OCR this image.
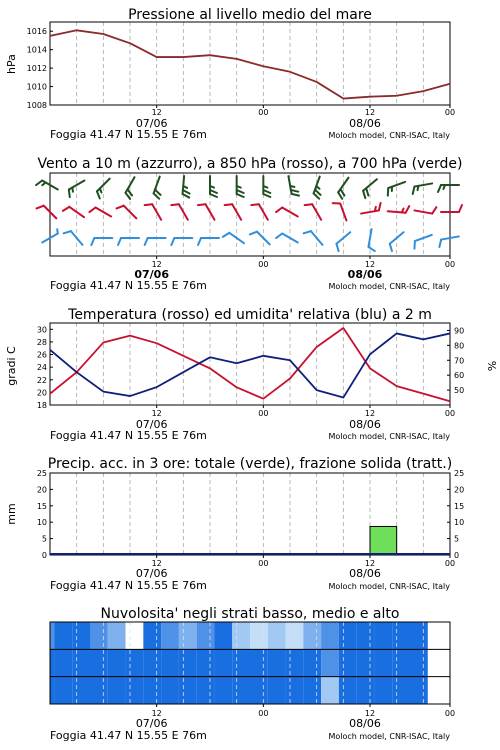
Pressione al livello medio del mare
1008
1010
1012
1014
1016
hPa
12	00	12	00
07/06	08/06
Foggia 41.47 N 15.55 E 76m	Moloch model, CNR-ISAC, Italy
Vento a 10 m (azzurro), a 850 hPa (rosso), a 700 hPa (verde)
12	00	12	00
07/06	08/06
Foggia 41.47 N 15.55 E 76m	Moloch model, CNR-ISAC, Italy
Temperatura (rosso) ed umidita' relativa (blu) a 2 m
18
20
22
24
26
28
30
50
60
70
80
90
gradi C	%
12	00	12	00
07/06	08/06
Foggia 41.47 N 15.55 E 76m	Moloch model, CNR-ISAC, Italy
Precip. acc. in 3 ore: totale (verde), frazione solida (tratt.)
0
5
10
15
20
25
0
5
10
15
20
25
mm
12	00	12	00
07/06	08/06
Foggia 41.47 N 15.55 E 76m	Moloch model, CNR-ISAC, Italy
Nuvolosita' negli strati basso, medio e alto
12	00	12	00
07/06	08/06
Foggia 41.47 N 15.55 E 76m	Moloch model, CNR-ISAC, Italy
